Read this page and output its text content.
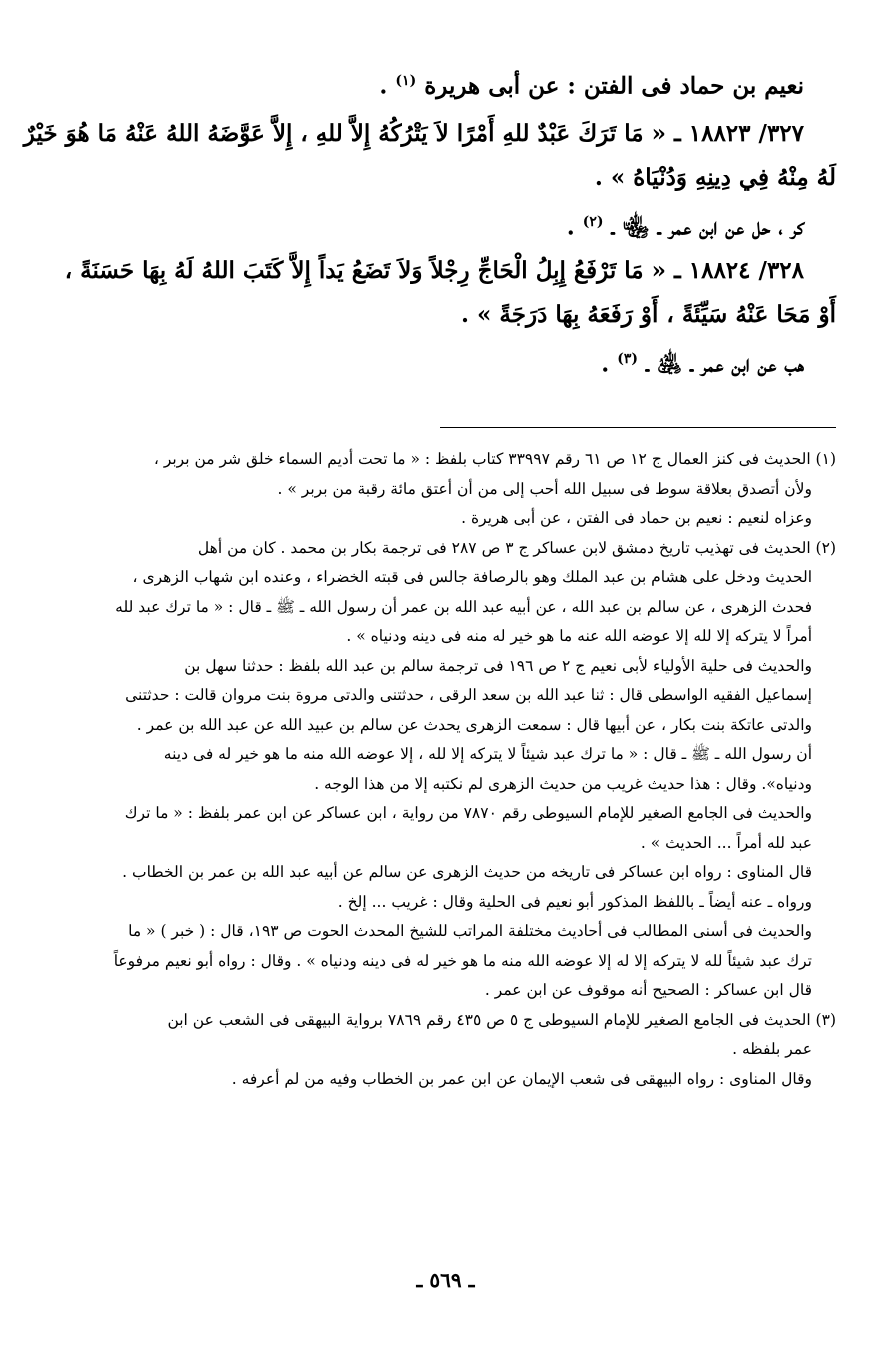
نعيم بن حماد فى الفتن : عن أبى هريرة $^{(١)}$ .

٣٢٧/ ١٨٨٢٣ ـ « مَا تَرَكَ عَبْدٌ للهِ أَمْرًا لاَ يَتْرُكُهُ إِلاَّ للهِ ، إِلاَّ عَوَّضَهُ اللهُ عَنْهُ مَا هُوَ خَيْرٌ

لَهُ مِنْهُ فِي دِينِهِ وَدُنْيَاهُ » .

كر ، حل عن ابن عمر ـ ﵄ ـ $^{(٢)}$ .

٣٢٨/ ١٨٨٢٤ ـ « مَا تَرْفَعُ إِبِلُ الْحَاجِّ رِجْلاً وَلاَ تَضَعُ يَداً إِلاَّ كَتَبَ اللهُ لَهُ بِهَا حَسَنَةً ،

أَوْ مَحَا عَنْهُ سَيِّئَةً ، أَوْ رَفَعَهُ بِهَا دَرَجَةً » .

هب عن ابن عمر ـ ﵁ ـ $^{(٣)}$ .

(١) الحديث فى كنز العمال ج ١٢ ص ٦١ رقم ٣٣٩٩٧ كتاب بلفظ : « ما تحت أديم السماء خلق شر من بربر ،

ولأن أتصدق بعلاقة سوط فى سبيل الله أحب إلى من أن أعتق مائة رقبة من بربر » .

وعزاه لنعيم : نعيم بن حماد فى الفتن ، عن أبى هريرة .

(٢) الحديث فى تهذيب تاريخ دمشق لابن عساكر ج ٣ ص ٢٨٧ فى ترجمة بكار بن محمد . كان من أهل

الحديث ودخل على هشام بن عبد الملك وهو بالرصافة جالس فى قبته الخضراء ، وعنده ابن شهاب الزهرى ،

فحدث الزهرى ، عن سالم بن عبد الله ، عن أبيه عبد الله بن عمر أن رسول الله ـ ﷺ ـ قال : « ما ترك عبد لله

أمراً لا يتركه إلا لله إلا عوضه الله عنه ما هو خير له منه فى دينه ودنياه » .

والحديث فى حلية الأولياء لأبى نعيم ج ٢ ص ١٩٦ فى ترجمة سالم بن عبد الله بلفظ : حدثنا سهل بن

إسماعيل الفقيه الواسطى قال : ثنا عبد الله بن سعد الرقى ، حدثتنى والدتى مروة بنت مروان قالت : حدثتنى

والدتى عاتكة بنت بكار ، عن أبيها قال : سمعت الزهرى يحدث عن سالم بن عبيد الله عن عبد الله بن عمر .

أن رسول الله ـ ﷺ ـ قال : « ما ترك عبد شيئاً لا يتركه إلا لله ، إلا عوضه الله منه ما هو خير له فى دينه

ودنياه». وقال : هذا حديث غريب من حديث الزهرى لم نكتبه إلا من هذا الوجه .

والحديث فى الجامع الصغير للإمام السيوطى رقم ٧٨٧٠ من رواية ، ابن عساكر عن ابن عمر بلفظ : « ما ترك

عبد لله أمراً ... الحديث » .

قال المناوى : رواه ابن عساكر فى تاريخه من حديث الزهرى عن سالم عن أبيه عبد الله بن عمر بن الخطاب .

ورواه ـ عنه أيضاً ـ باللفظ المذكور أبو نعيم فى الحلية وقال : غريب ... إلخ .

والحديث فى أسنى المطالب فى أحاديث مختلفة المراتب للشيخ المحدث الحوت ص ١٩٣، قال : ( خبر ) « ما

ترك عبد شيئاً لله لا يتركه إلا له إلا عوضه الله منه ما هو خير له فى دينه ودنياه » . وقال : رواه أبو نعيم مرفوعاً

قال ابن عساكر : الصحيح أنه موقوف عن ابن عمر .

(٣) الحديث فى الجامع الصغير للإمام السيوطى ج ٥ ص ٤٣٥ رقم ٧٨٦٩ برواية البيهقى فى الشعب عن ابن

عمر بلفظه .

وقال المناوى : رواه البيهقى فى شعب الإيمان عن ابن عمر بن الخطاب وفيه من لم أعرفه .

ـ ٥٦٩ ـ
